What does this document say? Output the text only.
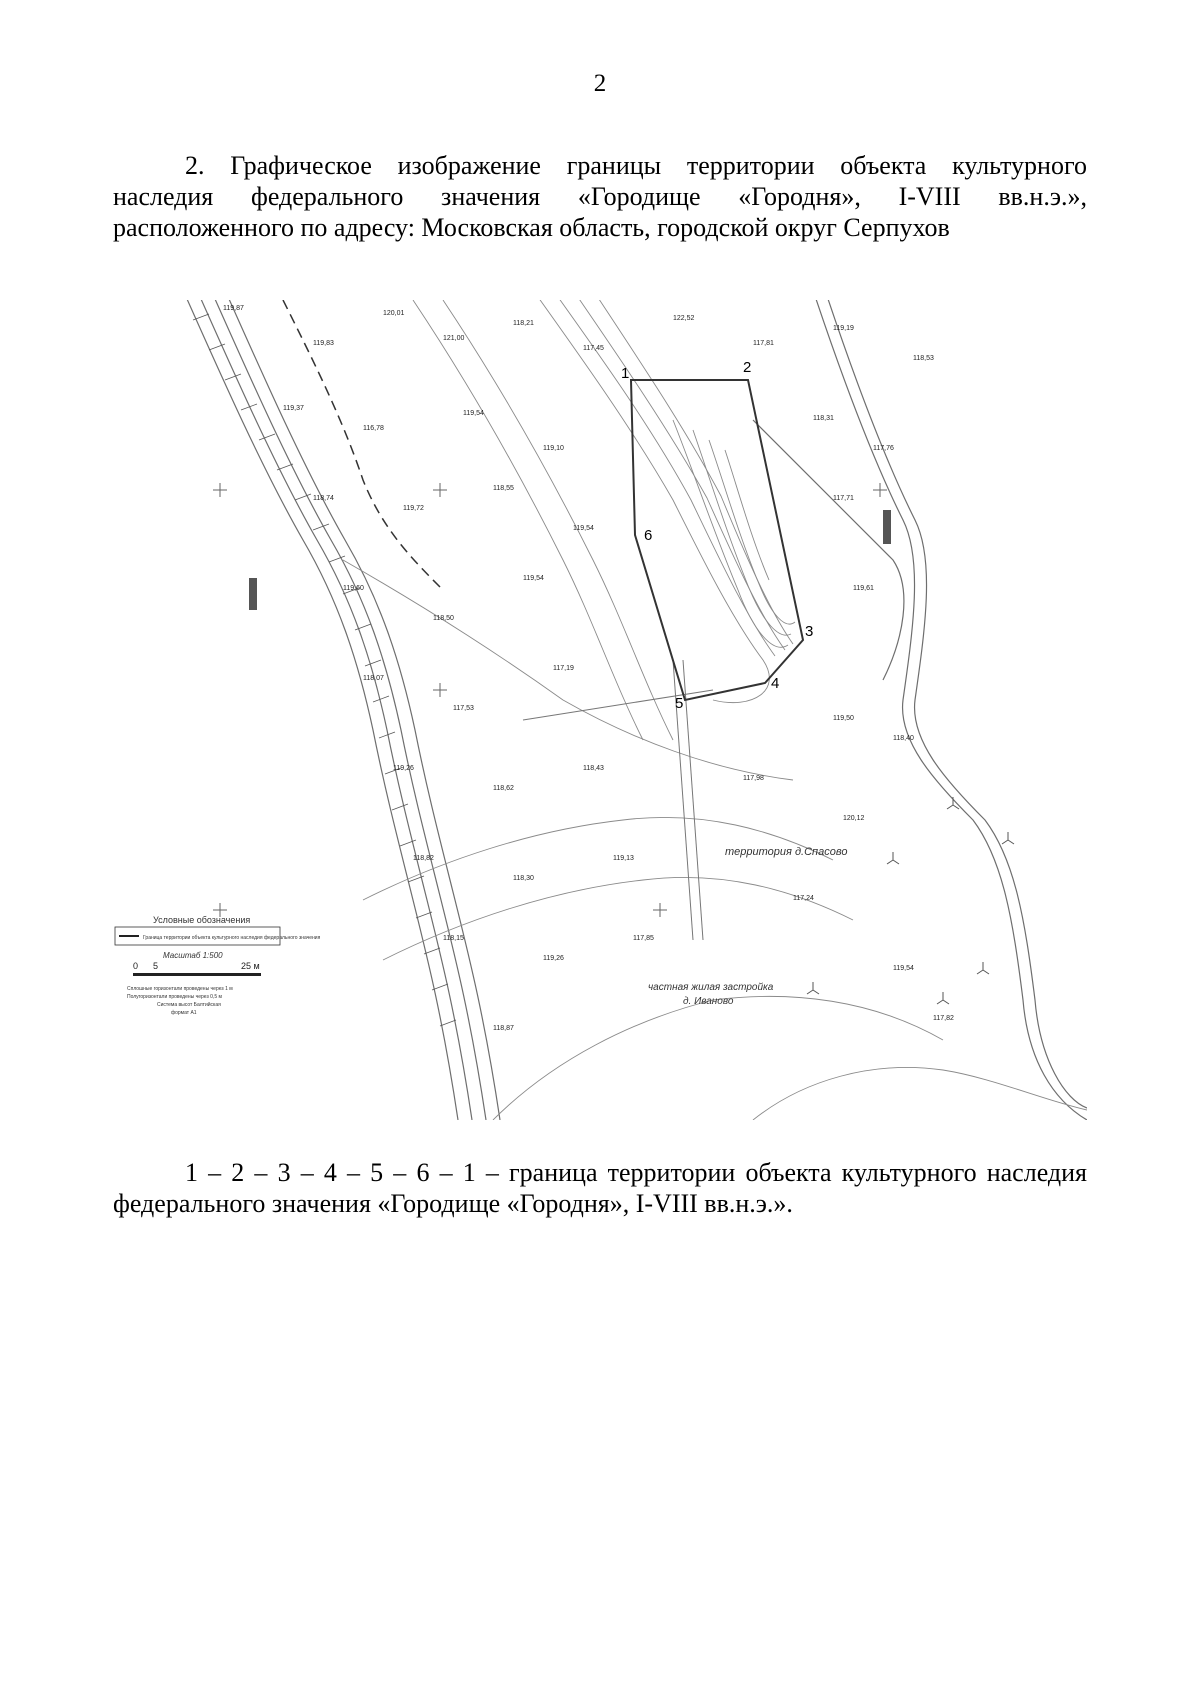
2
2. Графическое изображение границы территории объекта культурного
наследия федерального значения «Городище «Городня», I-VIII вв.н.э.»,
расположенного по адресу: Московская область, городской округ Серпухов
1	2
3
4
5
6
119,87
119,83
120,01
121,00
118,21
117,45
122,52
117,81
119,19
118,53
119,37
116,78
119,54
119,10
118,31
117,76
118,74
119,72
118,55
119,54
117,71
119,60
118,50
119,54
119,61
118,07
117,53
117,19
119,50
118,40
119,26
118,62
118,43
117,98
120,12
118,82
118,30
119,13
117,24
118,15
119,26
117,85
119,54
118,87
117,82
территория д.Спасово
частная жилая застройка
д. Иваново
Условные обозначения
Граница территории объекта культурного наследия федерального значения
Масштаб 1:500
0 5	25 м
Сплошные горизонтали проведены через 1 м
Полугоризонтали проведены через 0,5 м
Система высот Балтийская
формат А1
1 – 2 – 3 – 4 – 5 – 6 – 1 – граница территории объекта культурного наследия
федерального значения «Городище «Городня», I-VIII вв.н.э.».
